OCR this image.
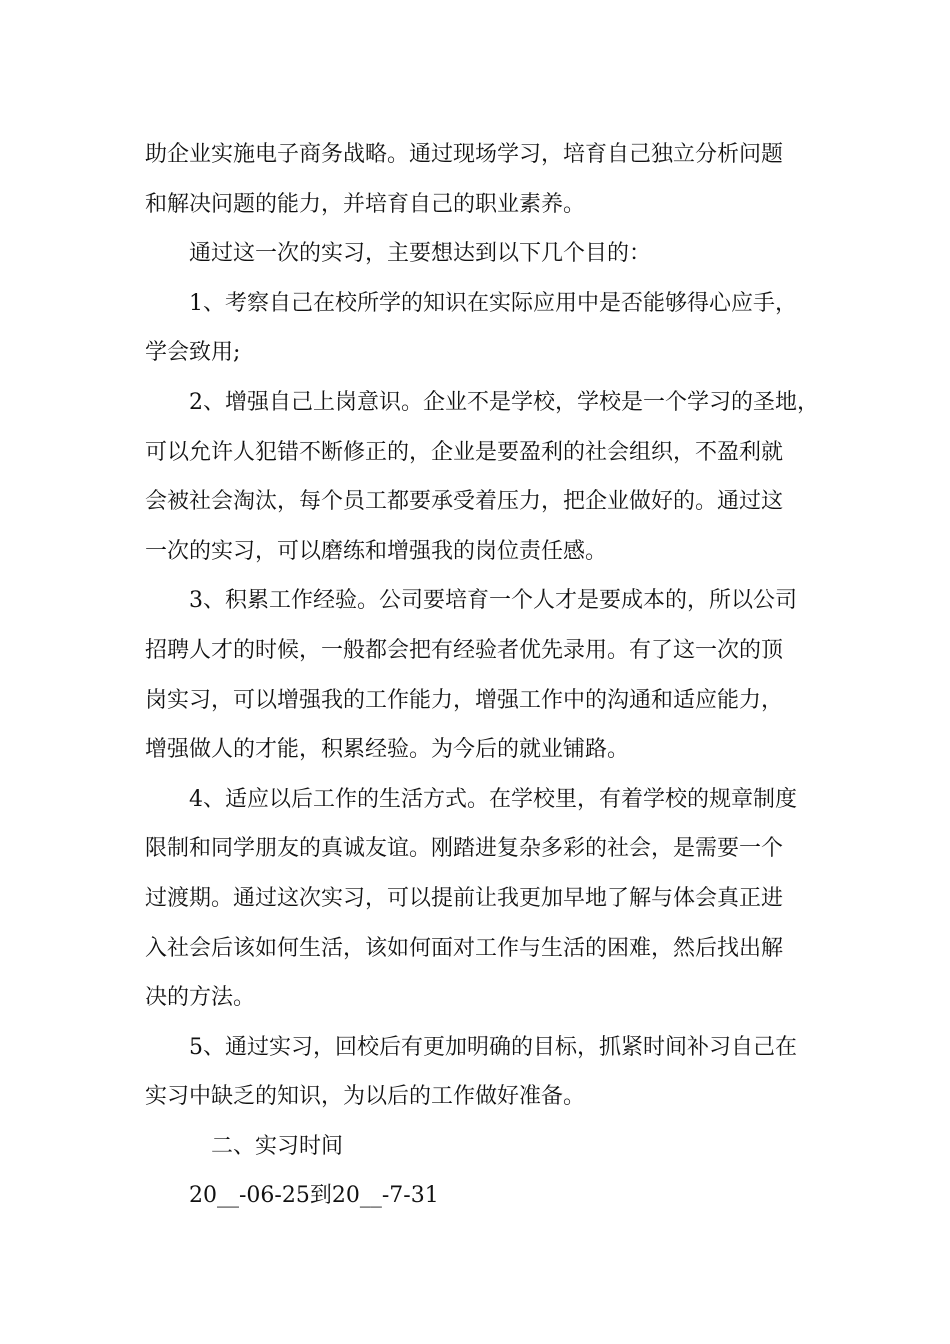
助企业实施电子商务战略。通过现场学习，培育自己独立分析问题

和解决问题的能力，并培育自己的职业素养。

通过这一次的实习，主要想达到以下几个目的：

1、考察自己在校所学的知识在实际应用中是否能够得心应手，

学会致用;

2、增强自己上岗意识。企业不是学校，学校是一个学习的圣地，

可以允许人犯错不断修正的，企业是要盈利的社会组织，不盈利就

会被社会淘汰，每个员工都要承受着压力，把企业做好的。通过这

一次的实习，可以磨练和增强我的岗位责任感。

3、积累工作经验。公司要培育一个人才是要成本的，所以公司

招聘人才的时候，一般都会把有经验者优先录用。有了这一次的顶

岗实习，可以增强我的工作能力，增强工作中的沟通和适应能力，

增强做人的才能，积累经验。为今后的就业铺路。

4、适应以后工作的生活方式。在学校里，有着学校的规章制度

限制和同学朋友的真诚友谊。刚踏进复杂多彩的社会，是需要一个

过渡期。通过这次实习，可以提前让我更加早地了解与体会真正进

入社会后该如何生活，该如何面对工作与生活的困难，然后找出解

决的方法。

5、通过实习，回校后有更加明确的目标，抓紧时间补习自己在

实习中缺乏的知识，为以后的工作做好准备。

二、实习时间

20__-06-25到20__-7-31
